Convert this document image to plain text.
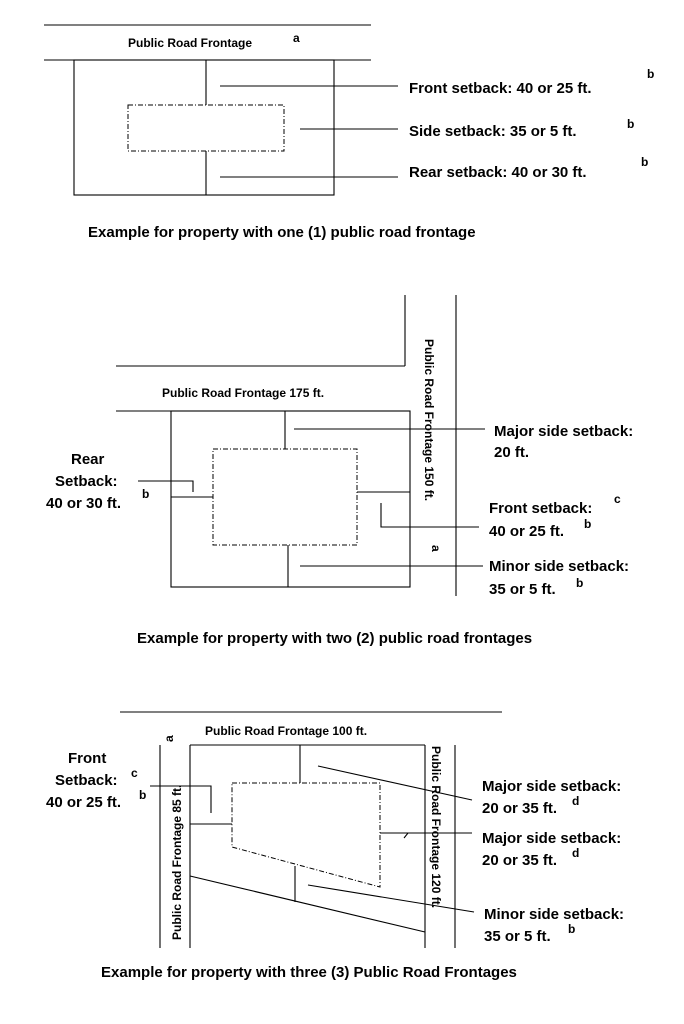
Public Road Frontage	a
Front setback: 40 or 25 ft.
b
Side setback: 35 or 5 ft.	b
Rear setback: 40 or 30 ft.
b
Example for property with one (1) public road frontage
Public Road Frontage 175 ft.	Public Road Frontage 150 ft.
a
Major side setback:
20 ft.
Rear
Setback:
40 or 30 ft.
b
Front setback:
c
40 or 25 ft. b
Minor side setback:
35 or 5 ft. b
Example for property with two (2) public road frontages
Public Road Frontage 100 ft.
Public Road Frontage 85 ft.
a
Public Road Frontage 120 ft.
Front
Setback: c
40 or 25 ft. b	Major side setback:
20 or 35 ft. d
Major side setback:
20 or 35 ft. d
Minor side setback:
35 or 5 ft. b
Example for property with three (3) Public Road Frontages
